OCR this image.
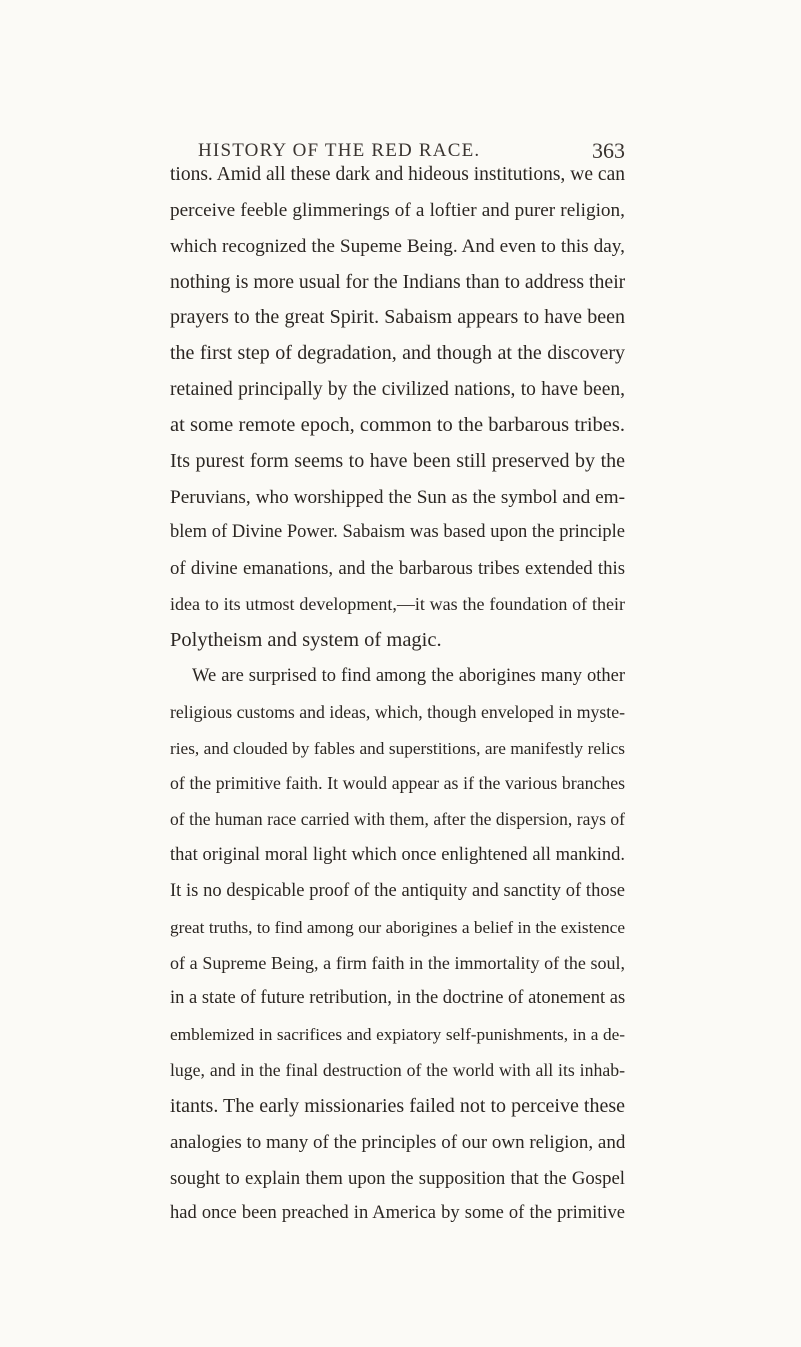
HISTORY OF THE RED RACE.	363
tions. Amid all these dark and hideous institutions, we can
perceive feeble glimmerings of a loftier and purer religion,
which recognized the Supeme Being. And even to this day,
nothing is more usual for the Indians than to address their
prayers to the great Spirit. Sabaism appears to have been
the first step of degradation, and though at the discovery
retained principally by the civilized nations, to have been,
at some remote epoch, common to the barbarous tribes.
Its purest form seems to have been still preserved by the
Peruvians, who worshipped the Sun as the symbol and em-
blem of Divine Power. Sabaism was based upon the principle
of divine emanations, and the barbarous tribes extended this
idea to its utmost development,—it was the foundation of their
Polytheism and system of magic.
We are surprised to find among the aborigines many other
religious customs and ideas, which, though enveloped in myste-
ries, and clouded by fables and superstitions, are manifestly relics
of the primitive faith. It would appear as if the various branches
of the human race carried with them, after the dispersion, rays of
that original moral light which once enlightened all mankind.
It is no despicable proof of the antiquity and sanctity of those
great truths, to find among our aborigines a belief in the existence
of a Supreme Being, a firm faith in the immortality of the soul,
in a state of future retribution, in the doctrine of atonement as
emblemized in sacrifices and expiatory self-punishments, in a de-
luge, and in the final destruction of the world with all its inhab-
itants. The early missionaries failed not to perceive these
analogies to many of the principles of our own religion, and
sought to explain them upon the supposition that the Gospel
had once been preached in America by some of the primitive
